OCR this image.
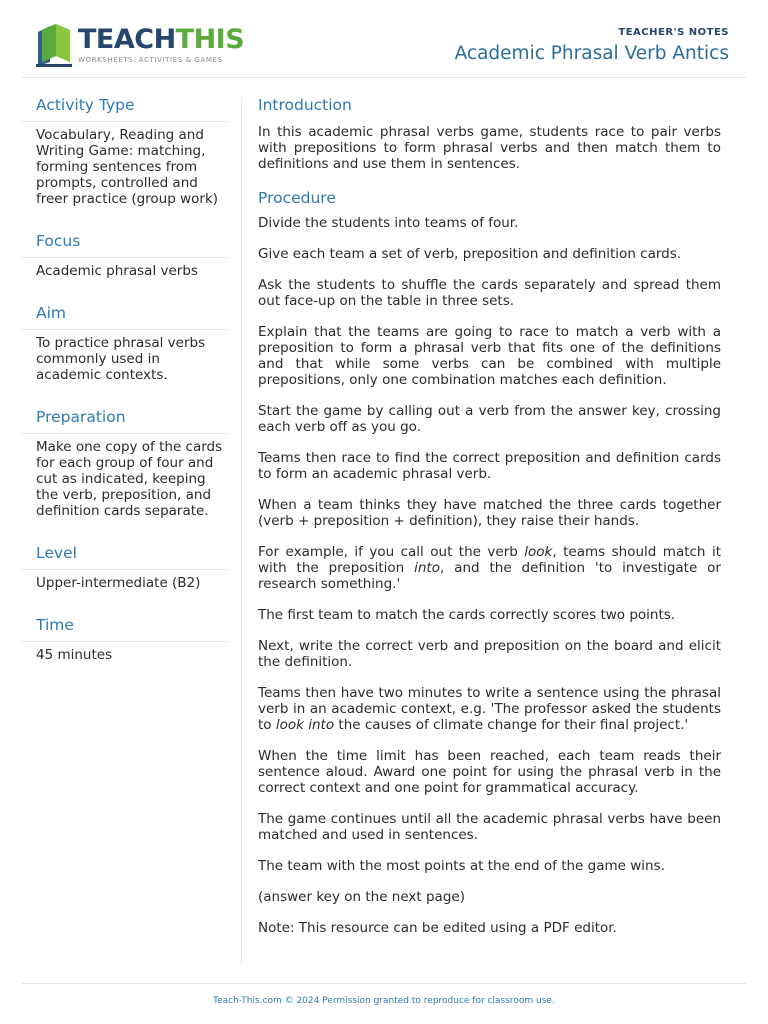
TEACHTHIS
WORKSHEETS, ACTIVITIES & GAMES
TEACHER'S NOTES
Academic Phrasal Verb Antics
Activity Type
Vocabulary, Reading and Writing Game: matching, forming sentences from prompts, controlled and freer practice (group work)
Focus
Academic phrasal verbs
Aim
To practice phrasal verbs commonly used in academic contexts.
Preparation
Make one copy of the cards for each group of four and cut as indicated, keeping the verb, preposition, and definition cards separate.
Level
Upper-intermediate (B2)
Time
45 minutes
Introduction

In this academic phrasal verbs game, students race to pair verbs with prepositions to form phrasal verbs and then match them to definitions and use them in sentences.

Procedure

Divide the students into teams of four.

Give each team a set of verb, preposition and definition cards.

Ask the students to shuffle the cards separately and spread them out face-up on the table in three sets.

Explain that the teams are going to race to match a verb with a preposition to form a phrasal verb that fits one of the definitions and that while some verbs can be combined with multiple prepositions, only one combination matches each definition.

Start the game by calling out a verb from the answer key, crossing each verb off as you go.

Teams then race to find the correct preposition and definition cards to form an academic phrasal verb.

When a team thinks they have matched the three cards together (verb + preposition + definition), they raise their hands.

For example, if you call out the verb look, teams should match it with the preposition into, and the definition 'to investigate or research something.'

The first team to match the cards correctly scores two points.

Next, write the correct verb and preposition on the board and elicit the definition.

Teams then have two minutes to write a sentence using the phrasal verb in an academic context, e.g. 'The professor asked the students to look into the causes of climate change for their final project.'

When the time limit has been reached, each team reads their sentence aloud. Award one point for using the phrasal verb in the correct context and one point for grammatical accuracy.

The game continues until all the academic phrasal verbs have been matched and used in sentences.

The team with the most points at the end of the game wins.

(answer key on the next page)

Note: This resource can be edited using a PDF editor.

Teach-This.com © 2024 Permission granted to reproduce for classroom use.
